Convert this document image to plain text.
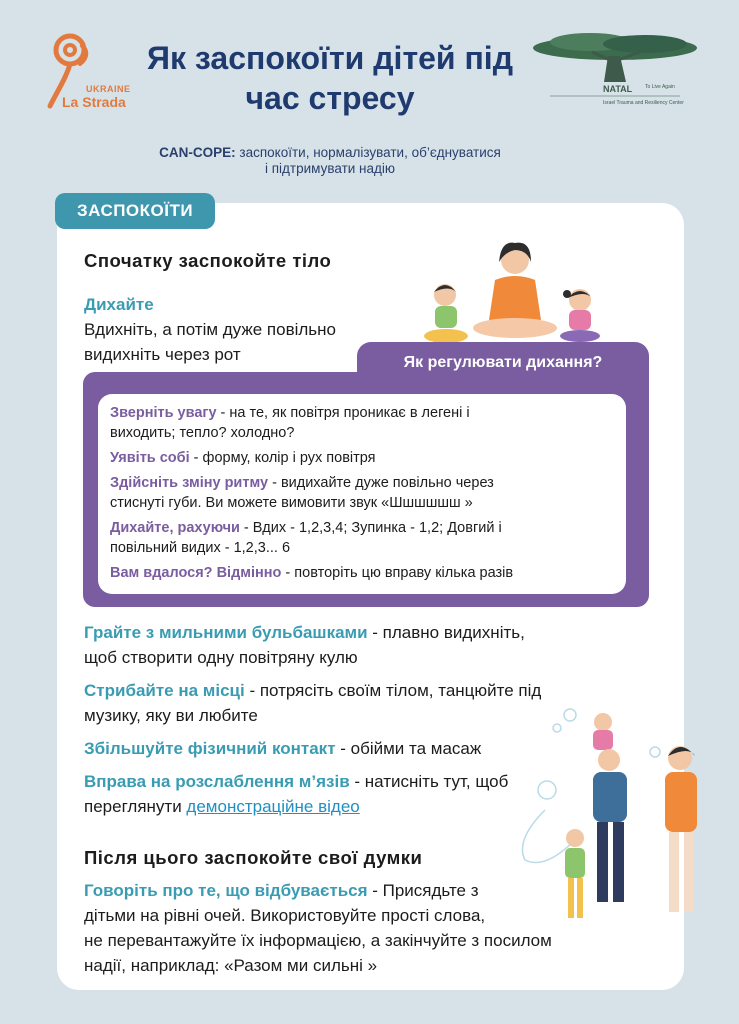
UKRAINE
La Strada
NATAL	To Live Again
Israel Trauma and Resiliency Center
Як заспокоїти дітей під
час стресу
CAN-COPE: заспокоїти, нормалізувати, об’єднуватися
і підтримувати надію
ЗАСПОКОЇТИ
Спочатку заспокойте тіло
Дихайте
Вдихніть, а потім дуже повільно
видихніть через рот	Як регулювати дихання?
Зверніть увагу - на те, як повітря проникає в легені і
виходить; тепло? холодно?
Уявіть собі - форму, колір і рух повітря
Здійсніть зміну ритму - видихайте дуже повільно через
стиснуті губи. Ви можете вимовити звук «Шшшшшш »
Дихайте, рахуючи - Вдих - 1,2,3,4; Зупинка - 1,2; Довгий і
повільний видих - 1,2,3... 6
Вам вдалося? Відмінно - повторіть цю вправу кілька разів
Грайте з мильними бульбашками - плавно видихніть,
щоб створити одну повітряну кулю
Стрибайте на місці - потрясіть своїм тілом, танцюйте під
музику, яку ви любите
Збільшуйте фізичний контакт - обійми та масаж
Вправа на розслаблення м’язів - натисніть тут, щоб
переглянути демонстраційне відео
Після цього заспокойте свої думки
Говоріть про те, що відбувається - Присядьте з
дітьми на рівні очей. Використовуйте прості слова,
не перевантажуйте їх інформацією, а закінчуйте з посилом
надії, наприклад: «Разом ми сильні »
